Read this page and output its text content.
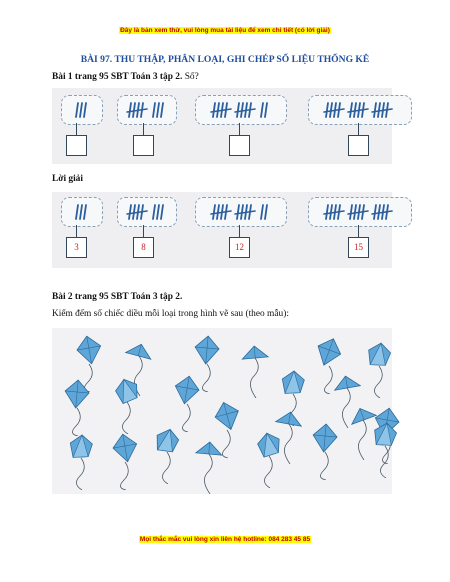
Đây là bản xem thử, vui lòng mua tài liệu để xem chi tiết (có lời giải)
BÀI 97. THU THẬP, PHÂN LOẠI, GHI CHÉP SỐ LIỆU THỐNG KÊ
Bài 1 trang 95 SBT Toán 3 tập 2. Số?
Lời giải
3	8	12	15
Bài 2 trang 95 SBT Toán 3 tập 2.
Kiểm đếm số chiếc diều mỗi loại trong hình vẽ sau (theo mẫu):
Mọi thắc mắc vui lòng xin liên hệ hotline: 084 283 45 85
